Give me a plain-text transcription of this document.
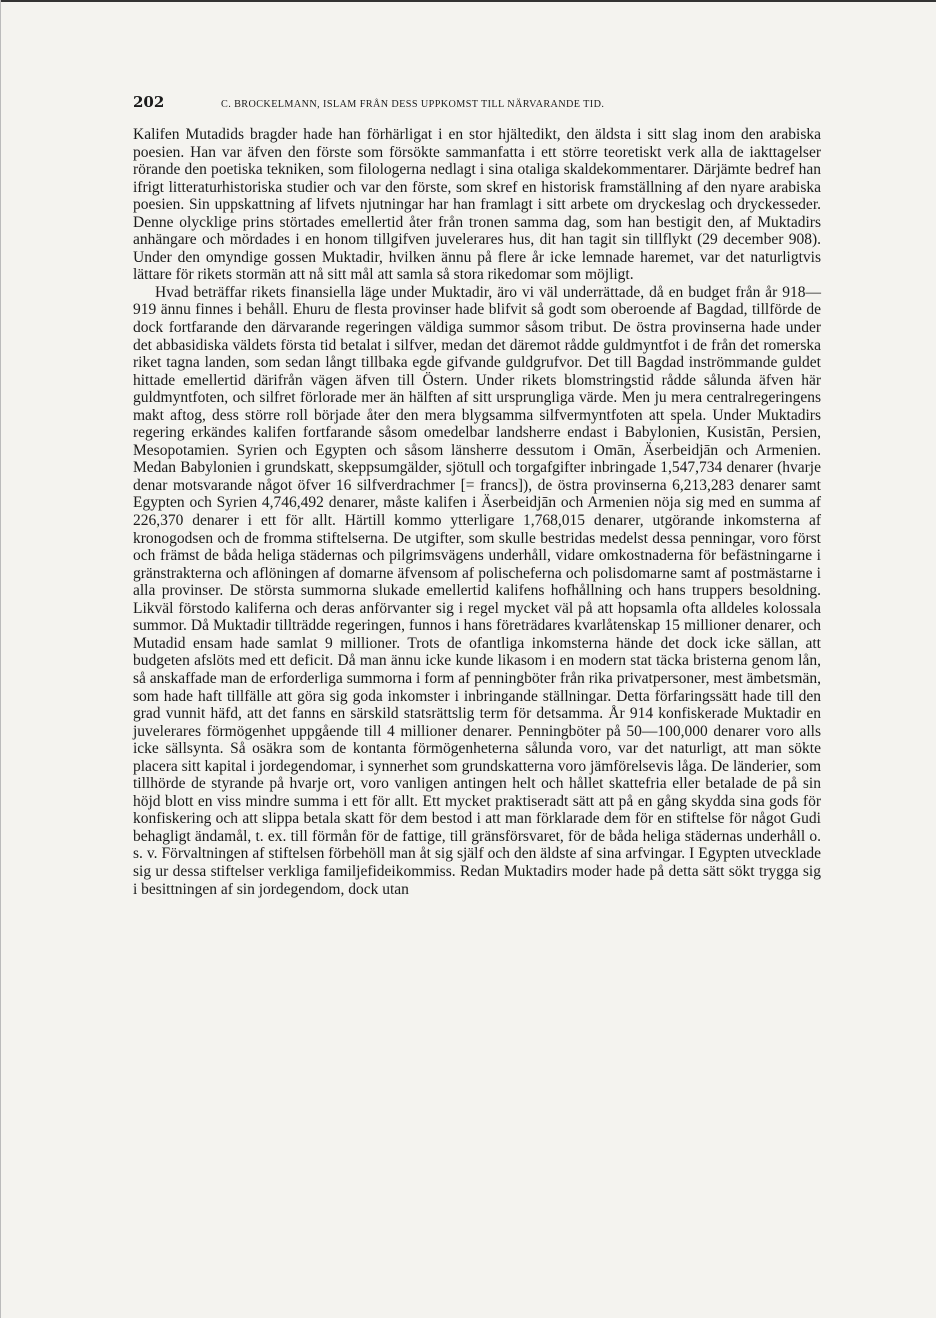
202	C. BROCKELMANN, ISLAM FRÅN DESS UPPKOMST TILL NÄRVARANDE TID.

Kalifen Mutadids bragder hade han förhärligat i en stor hjältedikt, den äldsta i sitt slag inom den arabiska poesien. Han var äfven den förste som försökte sammanfatta i ett större teoretiskt verk alla de iakttagelser rörande den poetiska tekniken, som filologerna nedlagt i sina otaliga skaldekommentarer. Därjämte bedref han ifrigt litteraturhistoriska studier och var den förste, som skref en historisk framställning af den nyare arabiska poesien. Sin uppskattning af lifvets njutningar har han framlagt i sitt arbete om dryckeslag och dryckesseder. Denne olycklige prins störtades emellertid åter från tronen samma dag, som han bestigit den, af Muktadirs anhängare och mördades i en honom tillgifven juvelerares hus, dit han tagit sin tillflykt (29 december 908). Under den omyndige gossen Muktadir, hvilken ännu på flere år icke lemnade haremet, var det naturligtvis lättare för rikets stormän att nå sitt mål att samla så stora rikedomar som möjligt.

Hvad beträffar rikets finansiella läge under Muktadir, äro vi väl underrättade, då en budget från år 918—919 ännu finnes i behåll. Ehuru de flesta provinser hade blifvit så godt som oberoende af Bagdad, tillförde de dock fortfarande den därvarande regeringen väldiga summor såsom tribut. De östra provinserna hade under det abbasidiska väldets första tid betalat i silfver, medan det däremot rådde guldmyntfot i de från det romerska riket tagna landen, som sedan långt tillbaka egde gifvande guldgrufvor. Det till Bagdad inströmmande guldet hittade emellertid därifrån vägen äfven till Östern. Under rikets blomstringstid rådde sålunda äfven här guldmyntfoten, och silfret förlorade mer än hälften af sitt ursprungliga värde. Men ju mera centralregeringens makt aftog, dess större roll började åter den mera blygsamma silfvermyntfoten att spela. Under Muktadirs regering erkändes kalifen fortfarande såsom omedelbar landsherre endast i Babylonien, Kusistān, Persien, Mesopotamien. Syrien och Egypten och såsom länsherre dessutom i Omān, Äserbeidjān och Armenien. Medan Babylonien i grundskatt, skeppsumgälder, sjötull och torgafgifter inbringade 1,547,734 denarer (hvarje denar motsvarande något öfver 16 silfverdrachmer [= francs]), de östra provinserna 6,213,283 denarer samt Egypten och Syrien 4,746,492 denarer, måste kalifen i Äserbeidjān och Armenien nöja sig med en summa af 226,370 denarer i ett för allt. Härtill kommo ytterligare 1,768,015 denarer, utgörande inkomsterna af kronogodsen och de fromma stiftelserna. De utgifter, som skulle bestridas medelst dessa penningar, voro först och främst de båda heliga städernas och pilgrimsvägens underhåll, vidare omkostnaderna för befästningarne i gränstrakterna och aflöningen af domarne äfvensom af polischeferna och polisdomarne samt af postmästarne i alla provinser. De största summorna slukade emellertid kalifens hofhållning och hans truppers besoldning. Likväl förstodo kaliferna och deras anförvanter sig i regel mycket väl på att hopsamla ofta alldeles kolossala summor. Då Muktadir tillträdde regeringen, funnos i hans företrädares kvarlåtenskap 15 millioner denarer, och Mutadid ensam hade samlat 9 millioner. Trots de ofantliga inkomsterna hände det dock icke sällan, att budgeten afslöts med ett deficit. Då man ännu icke kunde likasom i en modern stat täcka bristerna genom lån, så anskaffade man de erforderliga summorna i form af penningböter från rika privatpersoner, mest ämbetsmän, som hade haft tillfälle att göra sig goda inkomster i inbringande ställningar. Detta förfaringssätt hade till den grad vunnit häfd, att det fanns en särskild statsrättslig term för detsamma. År 914 konfiskerade Muktadir en juvelerares förmögenhet uppgående till 4 millioner denarer. Penningböter på 50—100,000 denarer voro alls icke sällsynta. Så osäkra som de kontanta förmögenheterna sålunda voro, var det naturligt, att man sökte placera sitt kapital i jordegendomar, i synnerhet som grundskatterna voro jämförelsevis låga. De länderier, som tillhörde de styrande på hvarje ort, voro vanligen antingen helt och hållet skattefria eller betalade de på sin höjd blott en viss mindre summa i ett för allt. Ett mycket praktiseradt sätt att på en gång skydda sina gods för konfiskering och att slippa betala skatt för dem bestod i att man förklarade dem för en stiftelse för något Gudi behagligt ändamål, t. ex. till förmån för de fattige, till gränsförsvaret, för de båda heliga städernas underhåll o. s. v. Förvaltningen af stiftelsen förbehöll man åt sig själf och den äldste af sina arfvingar. I Egypten utvecklade sig ur dessa stiftelser verkliga familjefideikommiss. Redan Muktadirs moder hade på detta sätt sökt trygga sig i besittningen af sin jordegendom, dock utan
